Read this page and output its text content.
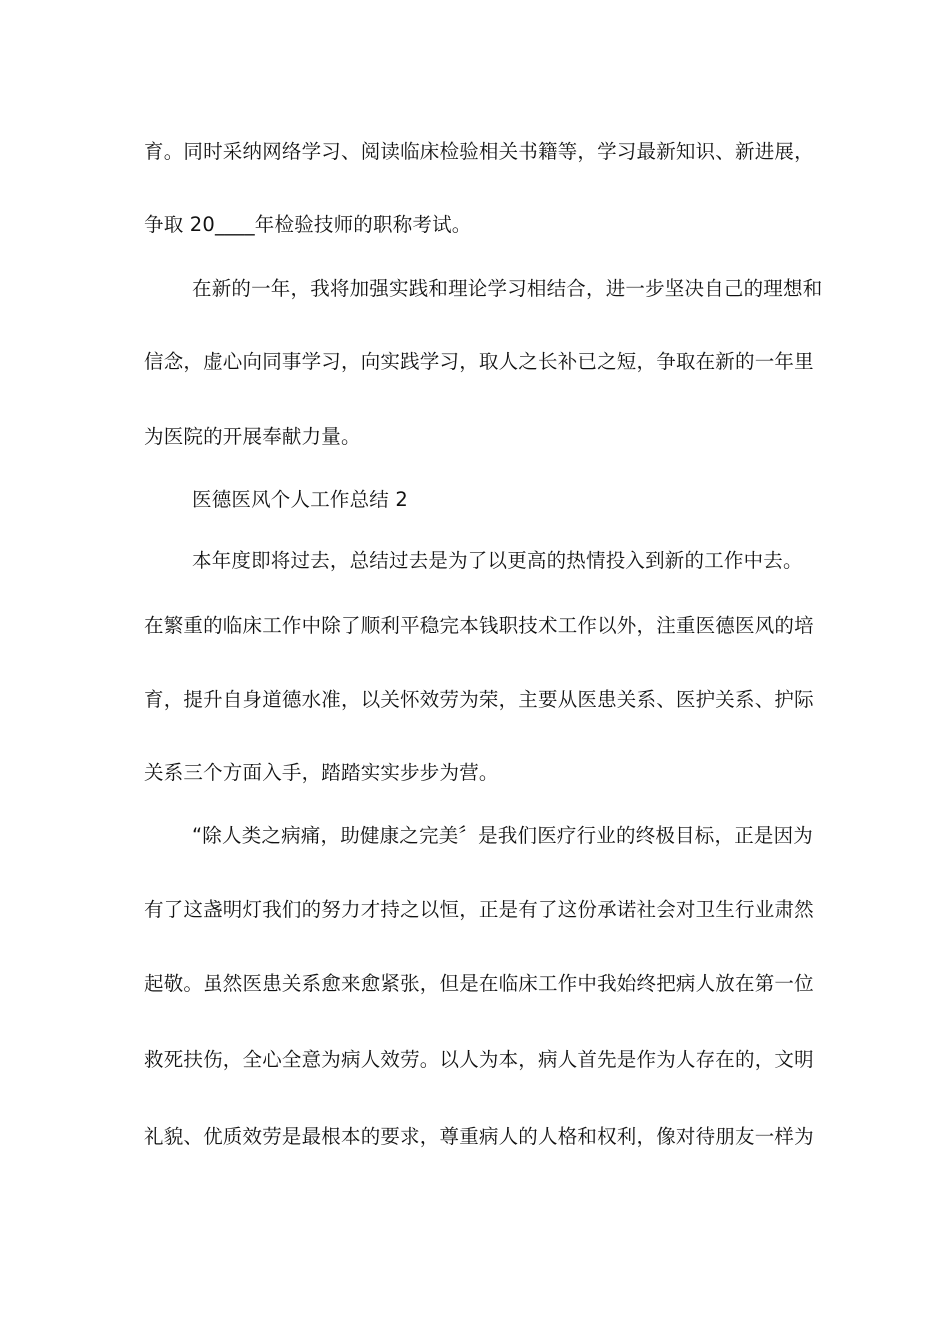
育。同时采纳网络学习、阅读临床检验相关书籍等，学习最新知识、新进展，
争取 20____年检验技师的职称考试。
在新的一年，我将加强实践和理论学习相结合，进一步坚决自己的理想和
信念，虚心向同事学习，向实践学习，取人之长补已之短，争取在新的一年里
为医院的开展奉献力量。
医德医风个人工作总结 2
本年度即将过去，总结过去是为了以更高的热情投入到新的工作中去。
在繁重的临床工作中除了顺利平稳完本钱职技术工作以外，注重医德医风的培
育，提升自身道德水准，以关怀效劳为荣，主要从医患关系、医护关系、护际
关系三个方面入手，踏踏实实步步为营。
“除人类之病痛，助健康之完美〞是我们医疗行业的终极目标，正是因为
有了这盏明灯我们的努力才持之以恒，正是有了这份承诺社会对卫生行业肃然
起敬。虽然医患关系愈来愈紧张，但是在临床工作中我始终把病人放在第一位
救死扶伤，全心全意为病人效劳。以人为本，病人首先是作为人存在的，文明
礼貌、优质效劳是最根本的要求，尊重病人的人格和权利，像对待朋友一样为
